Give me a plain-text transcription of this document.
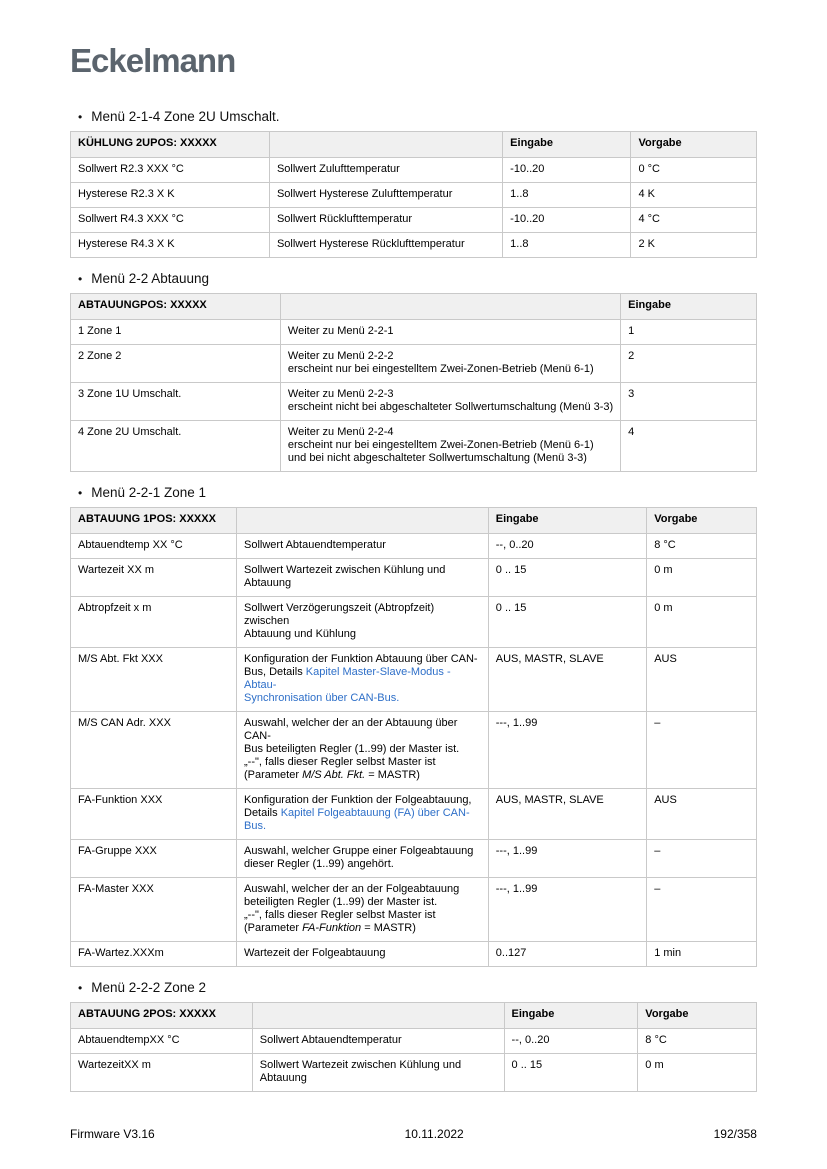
Eckelmann
• Menü 2-1-4 Zone 2U Umschalt.
KÜHLUNG 2UPOS: XXXXX		Eingabe	Vorgabe
Sollwert R2.3 XXX °C	Sollwert Zulufttemperatur	-10..20	0 °C
Hysterese R2.3 X K	Sollwert Hysterese Zulufttemperatur	1..8	4 K
Sollwert R4.3 XXX °C	Sollwert Rücklufttemperatur	-10..20	4 °C
Hysterese R4.3 X K	Sollwert Hysterese Rücklufttemperatur	1..8	2 K
• Menü 2-2 Abtauung
ABTAUUNGPOS: XXXXX		Eingabe
1 Zone 1	Weiter zu Menü 2-2-1	1
2 Zone 2	Weiter zu Menü 2-2-2
erscheint nur bei eingestelltem Zwei-Zonen-Betrieb (Menü 6-1)	2
3 Zone 1U Umschalt.	Weiter zu Menü 2-2-3
erscheint nicht bei abgeschalteter Sollwertumschaltung (Menü 3-3)	3
4 Zone 2U Umschalt.	Weiter zu Menü 2-2-4
erscheint nur bei eingestelltem Zwei-Zonen-Betrieb (Menü 6-1)
und bei nicht abgeschalteter Sollwertumschaltung (Menü 3-3)	4
• Menü 2-2-1 Zone 1
ABTAUUNG 1POS: XXXXX		Eingabe	Vorgabe
Abtauendtemp XX °C	Sollwert Abtauendtemperatur	--, 0..20	8 °C
Wartezeit XX m	Sollwert Wartezeit zwischen Kühlung und
Abtauung	0 .. 15	0 m
Abtropfzeit x m	Sollwert Verzögerungszeit (Abtropfzeit) zwischen
Abtauung und Kühlung	0 .. 15	0 m
M/S Abt. Fkt XXX	Konfiguration der Funktion Abtauung über CAN-
Bus, Details Kapitel Master-Slave-Modus - Abtau-
Synchronisation über CAN-Bus.	AUS, MASTR, SLAVE	AUS
M/S CAN Adr. XXX	Auswahl, welcher der an der Abtauung über CAN-
Bus beteiligten Regler (1..99) der Master ist.
„--", falls dieser Regler selbst Master ist
(Parameter M/S Abt. Fkt. = MASTR)	---, 1..99	–
FA-Funktion XXX	Konfiguration der Funktion der Folgeabtauung,
Details Kapitel Folgeabtauung (FA) über CAN-
Bus.	AUS, MASTR, SLAVE	AUS
FA-Gruppe XXX	Auswahl, welcher Gruppe einer Folgeabtauung
dieser Regler (1..99) angehört.	---, 1..99	–
FA-Master XXX	Auswahl, welcher der an der Folgeabtauung
beteiligten Regler (1..99) der Master ist.
„--", falls dieser Regler selbst Master ist
(Parameter FA-Funktion = MASTR)	---, 1..99	–
FA-Wartez.XXXm	Wartezeit der Folgeabtauung	0..127	1 min
• Menü 2-2-2 Zone 2
ABTAUUNG 2POS: XXXXX		Eingabe	Vorgabe
AbtauendtempXX °C	Sollwert Abtauendtemperatur	--, 0..20	8 °C
WartezeitXX m	Sollwert Wartezeit zwischen Kühlung und
Abtauung	0 .. 15	0 m
Firmware V3.16	10.11.2022	192/358
